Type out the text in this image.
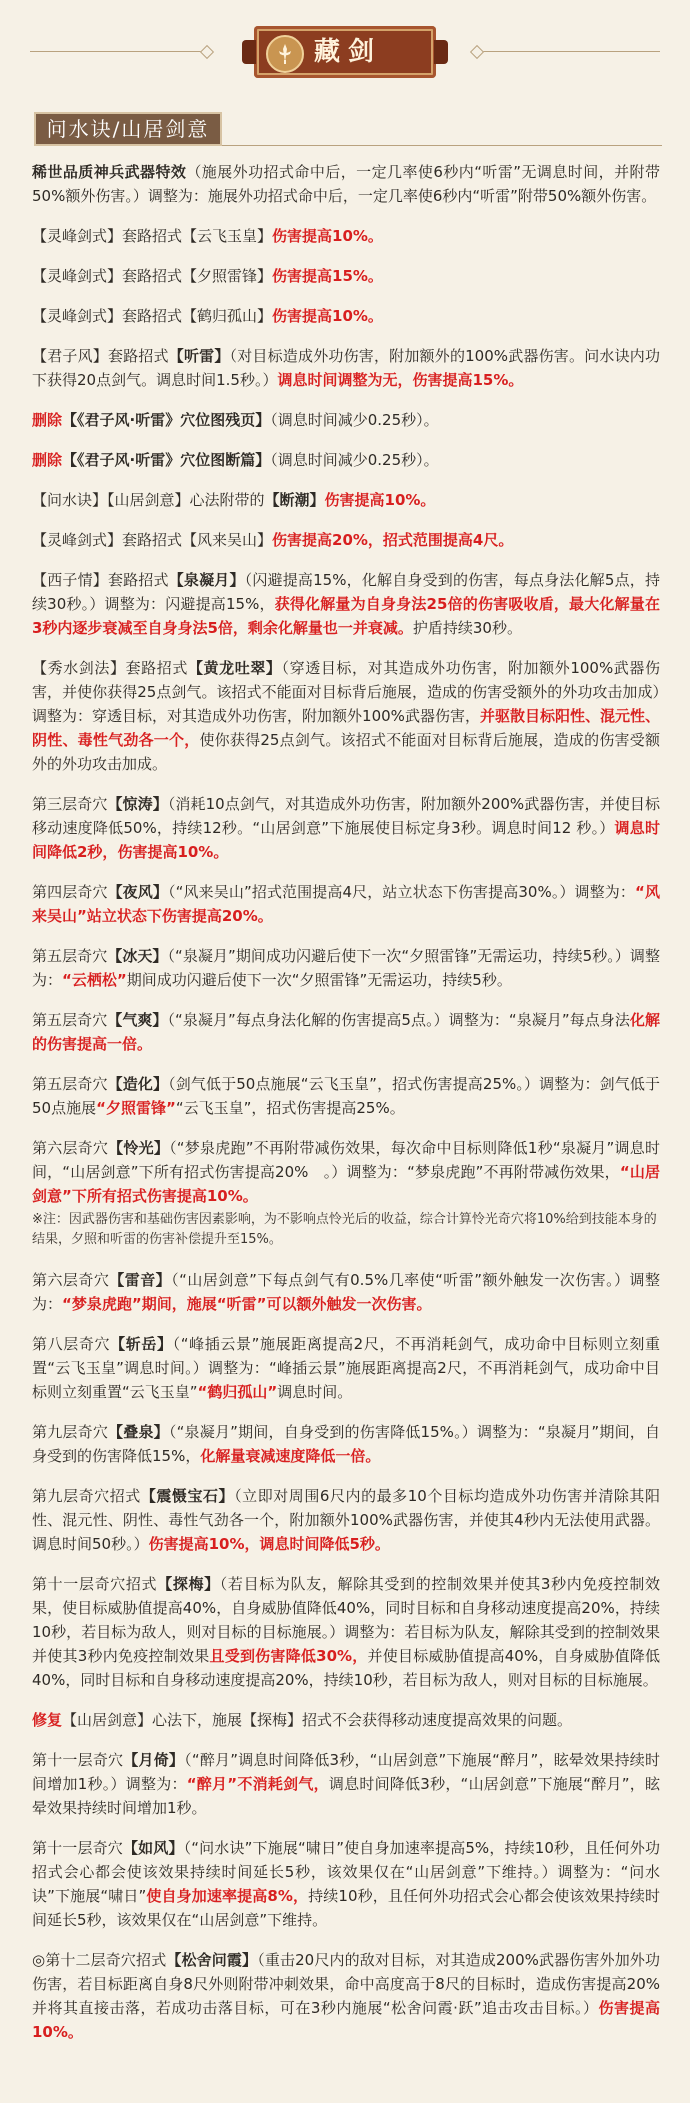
藏剑
问水诀/山居剑意

稀世品质神兵武器特效（施展外功招式命中后，一定几率使6秒内“听雷”无调息时间，并附带50%额外伤害。）调整为：施展外功招式命中后，一定几率使6秒内“听雷”附带50%额外伤害。

【灵峰剑式】套路招式【云飞玉皇】伤害提高10%。

【灵峰剑式】套路招式【夕照雷锋】伤害提高15%。

【灵峰剑式】套路招式【鹤归孤山】伤害提高10%。

【君子风】套路招式【听雷】（对目标造成外功伤害，附加额外的100%武器伤害。问水诀内功下获得20点剑气。调息时间1.5秒。）调息时间调整为无，伤害提高15%。

删除【《君子风·听雷》穴位图残页】（调息时间减少0.25秒）。

删除【《君子风·听雷》穴位图断篇】（调息时间减少0.25秒）。

【问水诀】【山居剑意】心法附带的【断潮】伤害提高10%。

【灵峰剑式】套路招式【风来吴山】伤害提高20%，招式范围提高4尺。

【西子情】套路招式【泉凝月】（闪避提高15%，化解自身受到的伤害，每点身法化解5点，持续30秒。）调整为：闪避提高15%，获得化解量为自身身法25倍的伤害吸收盾，最大化解量在3秒内逐步衰减至自身身法5倍，剩余化解量也一并衰减。护盾持续30秒。

【秀水剑法】套路招式【黄龙吐翠】（穿透目标，对其造成外功伤害，附加额外100%武器伤害，并使你获得25点剑气。该招式不能面对目标背后施展，造成的伤害受额外的外功攻击加成）调整为：穿透目标，对其造成外功伤害，附加额外100%武器伤害，并驱散目标阳性、混元性、阴性、毒性气劲各一个，使你获得25点剑气。该招式不能面对目标背后施展，造成的伤害受额外的外功攻击加成。

第三层奇穴【惊涛】（消耗10点剑气，对其造成外功伤害，附加额外200%武器伤害，并使目标移动速度降低50%，持续12秒。“山居剑意”下施展使目标定身3秒。调息时间12 秒。）调息时间降低2秒，伤害提高10%。

第四层奇穴【夜风】（“风来吴山”招式范围提高4尺，站立状态下伤害提高30%。）调整为：“风来吴山”站立状态下伤害提高20%。

第五层奇穴【冰天】（“泉凝月”期间成功闪避后使下一次“夕照雷锋”无需运功，持续5秒。）调整为：“云栖松”期间成功闪避后使下一次“夕照雷锋”无需运功，持续5秒。

第五层奇穴【气爽】（“泉凝月”每点身法化解的伤害提高5点。）调整为：“泉凝月”每点身法化解的伤害提高一倍。

第五层奇穴【造化】（剑气低于50点施展“云飞玉皇”，招式伤害提高25%。）调整为：剑气低于50点施展“夕照雷锋”“云飞玉皇”，招式伤害提高25%。

第六层奇穴【怜光】（“梦泉虎跑”不再附带减伤效果，每次命中目标则降低1秒“泉凝月”调息时间，“山居剑意”下所有招式伤害提高20%　。）调整为：“梦泉虎跑”不再附带减伤效果，“山居剑意”下所有招式伤害提高10%。

※注：因武器伤害和基础伤害因素影响，为不影响点怜光后的收益，综合计算怜光奇穴将10%给到技能本身的结果，夕照和听雷的伤害补偿提升至15%。

第六层奇穴【雷音】（“山居剑意”下每点剑气有0.5%几率使“听雷”额外触发一次伤害。）调整为：“梦泉虎跑”期间，施展“听雷”可以额外触发一次伤害。

第八层奇穴【斩岳】（“峰插云景”施展距离提高2尺，不再消耗剑气，成功命中目标则立刻重置“云飞玉皇”调息时间。）调整为：“峰插云景”施展距离提高2尺，不再消耗剑气，成功命中目标则立刻重置“云飞玉皇”“鹤归孤山”调息时间。

第九层奇穴【叠泉】（“泉凝月”期间，自身受到的伤害降低15%。）调整为：“泉凝月”期间，自身受到的伤害降低15%，化解量衰减速度降低一倍。

第九层奇穴招式【震慑宝石】（立即对周围6尺内的最多10个目标均造成外功伤害并清除其阳性、混元性、阴性、毒性气劲各一个，附加额外100%武器伤害，并使其4秒内无法使用武器。调息时间50秒。）伤害提高10%，调息时间降低5秒。

第十一层奇穴招式【探梅】（若目标为队友，解除其受到的控制效果并使其3秒内免疫控制效果，使目标威胁值提高40%，自身威胁值降低40%，同时目标和自身移动速度提高20%，持续10秒，若目标为敌人，则对目标的目标施展。）调整为：若目标为队友，解除其受到的控制效果并使其3秒内免疫控制效果且受到伤害降低30%，并使目标威胁值提高40%，自身威胁值降低40%，同时目标和自身移动速度提高20%，持续10秒，若目标为敌人，则对目标的目标施展。

修复【山居剑意】心法下，施展【探梅】招式不会获得移动速度提高效果的问题。

第十一层奇穴【月倚】（“醉月”调息时间降低3秒，“山居剑意”下施展“醉月”，眩晕效果持续时间增加1秒。）调整为：“醉月”不消耗剑气，调息时间降低3秒，“山居剑意”下施展“醉月”，眩晕效果持续时间增加1秒。

第十一层奇穴【如风】（“问水诀”下施展“啸日”使自身加速率提高5%，持续10秒，且任何外功招式会心都会使该效果持续时间延长5秒，该效果仅在“山居剑意”下维持。）调整为：“问水诀”下施展“啸日”使自身加速率提高8%，持续10秒，且任何外功招式会心都会使该效果持续时间延长5秒，该效果仅在“山居剑意”下维持。

◎第十二层奇穴招式【松舍问霞】（重击20尺内的敌对目标，对其造成200%武器伤害外加外功伤害，若目标距离自身8尺外则附带冲刺效果，命中高度高于8尺的目标时，造成伤害提高20%并将其直接击落，若成功击落目标，可在3秒内施展“松舍问霞·跃”追击攻击目标。）伤害提高10%。
